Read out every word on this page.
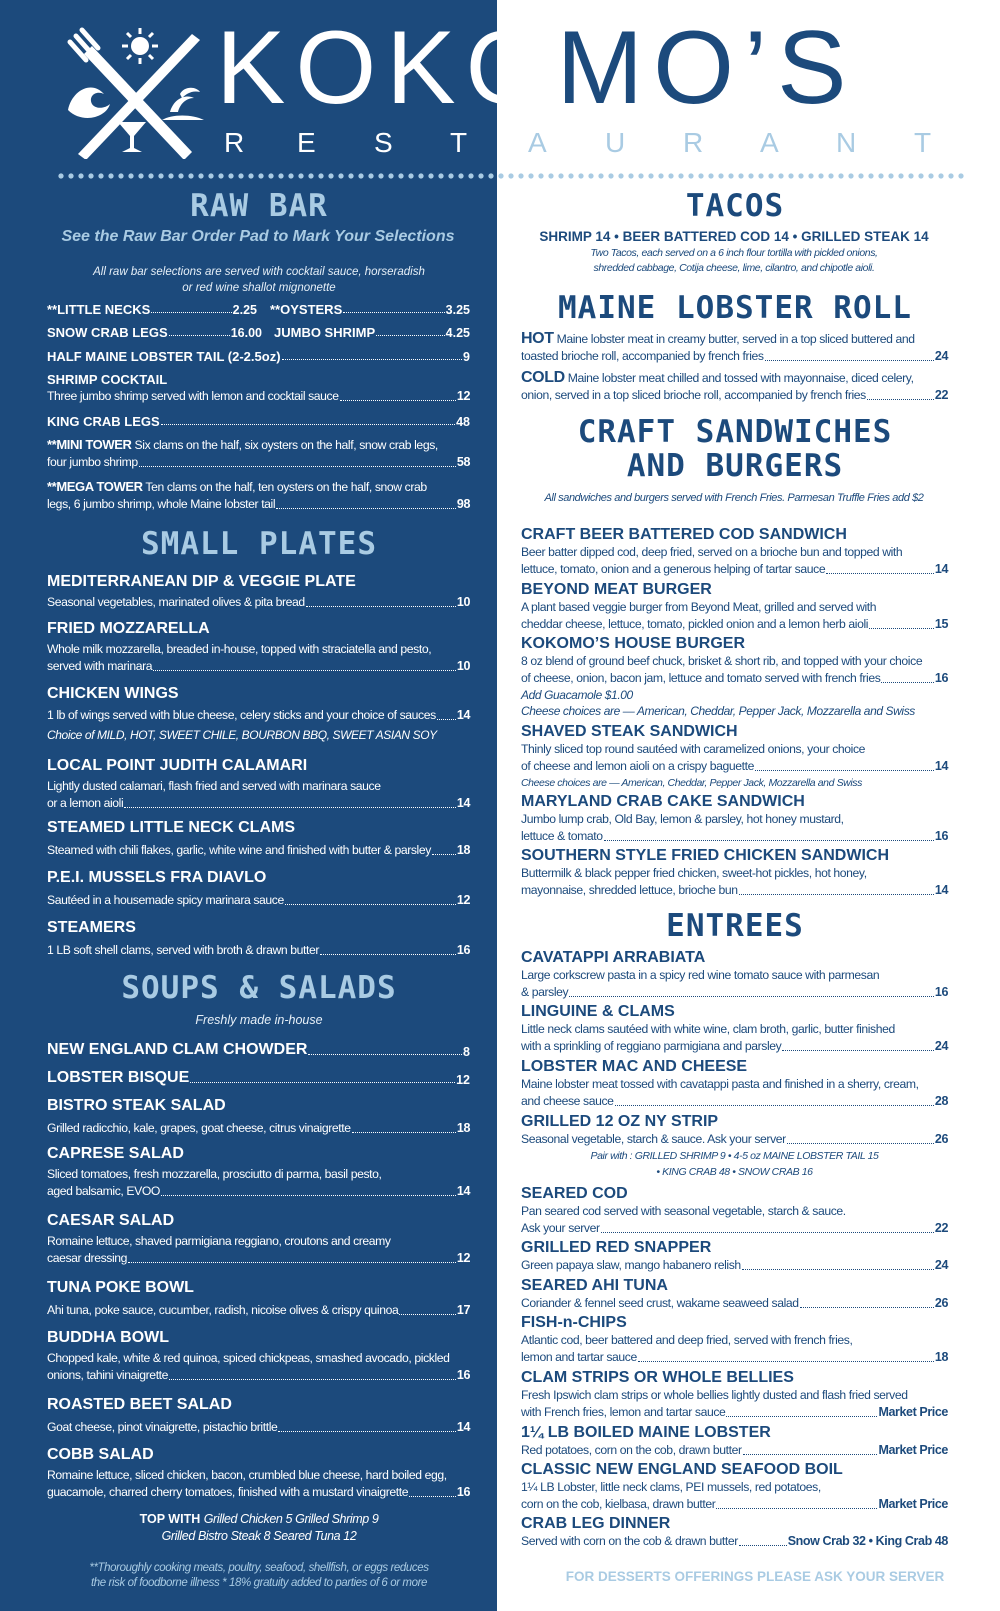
KOKOMO’S
R E S T A U R A N T
RAW BAR
See the Raw Bar Order Pad to Mark Your Selections
All raw bar selections are served with cocktail sauce, horseradish
or red wine shallot mignonette
**LITTLE NECKS	2.25 **OYSTERS	3.25
SNOW CRAB LEGS	16.00 JUMBO SHRIMP	4.25
HALF MAINE LOBSTER TAIL (2-2.5oz)	9
SHRIMP COCKTAIL
Three jumbo shrimp served with lemon and cocktail sauce	12
KING CRAB LEGS	48
**MINI TOWER Six clams on the half, six oysters on the half, snow crab legs,
four jumbo shrimp	58
**MEGA TOWER Ten clams on the half, ten oysters on the half, snow crab
legs, 6 jumbo shrimp, whole Maine lobster tail	98
SMALL PLATES
MEDITERRANEAN DIP & VEGGIE PLATE
Seasonal vegetables, marinated olives & pita bread	10
FRIED MOZZARELLA
Whole milk mozzarella, breaded in-house, topped with straciatella and pesto,
served with marinara	10
CHICKEN WINGS
1 lb of wings served with blue cheese, celery sticks and your choice of sauces 14
Choice of MILD, HOT, SWEET CHILE, BOURBON BBQ, SWEET ASIAN SOY
LOCAL POINT JUDITH CALAMARI
Lightly dusted calamari, flash fried and served with marinara sauce
or a lemon aioli	14
STEAMED LITTLE NECK CLAMS
Steamed with chili flakes, garlic, white wine and finished with butter & parsley 18
P.E.I. MUSSELS FRA DIAVLO
Sautéed in a housemade spicy marinara sauce	12
STEAMERS
1 LB soft shell clams, served with broth & drawn butter	16
SOUPS & SALADS
Freshly made in-house
NEW ENGLAND CLAM CHOWDER	8
LOBSTER BISQUE	12
BISTRO STEAK SALAD
Grilled radicchio, kale, grapes, goat cheese, citrus vinaigrette	18
CAPRESE SALAD
Sliced tomatoes, fresh mozzarella, prosciutto di parma, basil pesto,
aged balsamic, EVOO	14
CAESAR SALAD
Romaine lettuce, shaved parmigiana reggiano, croutons and creamy
caesar dressing	12
TUNA POKE BOWL
Ahi tuna, poke sauce, cucumber, radish, nicoise olives & crispy quinoa	17
BUDDHA BOWL
Chopped kale, white & red quinoa, spiced chickpeas, smashed avocado, pickled
onions, tahini vinaigrette	16
ROASTED BEET SALAD
Goat cheese, pinot vinaigrette, pistachio brittle	14
COBB SALAD
Romaine lettuce, sliced chicken, bacon, crumbled blue cheese, hard boiled egg,
guacamole, charred cherry tomatoes, finished with a mustard vinaigrette	16
TOP WITH Grilled Chicken 5 Grilled Shrimp 9
Grilled Bistro Steak 8 Seared Tuna 12
**Thoroughly cooking meats, poultry, seafood, shellfish, or eggs reduces
the risk of foodborne illness * 18% gratuity added to parties of 6 or more
TACOS
SHRIMP 14 • BEER BATTERED COD 14 • GRILLED STEAK 14
Two Tacos, each served on a 6 inch flour tortilla with pickled onions,
shredded cabbage, Cotija cheese, lime, cilantro, and chipotle aioli.
MAINE LOBSTER ROLL
HOT Maine lobster meat in creamy butter, served in a top sliced buttered and
toasted brioche roll, accompanied by french fries	24
COLD Maine lobster meat chilled and tossed with mayonnaise, diced celery,
onion, served in a top sliced brioche roll, accompanied by french fries	22
CRAFT SANDWICHES
AND BURGERS
All sandwiches and burgers served with French Fries. Parmesan Truffle Fries add $2
CRAFT BEER BATTERED COD SANDWICH
Beer batter dipped cod, deep fried, served on a brioche bun and topped with
lettuce, tomato, onion and a generous helping of tartar sauce	14
BEYOND MEAT BURGER
A plant based veggie burger from Beyond Meat, grilled and served with
cheddar cheese, lettuce, tomato, pickled onion and a lemon herb aioli	15
KOKOMO’S HOUSE BURGER
8 oz blend of ground beef chuck, brisket & short rib, and topped with your choice
of cheese, onion, bacon jam, lettuce and tomato served with french fries	16
Add Guacamole $1.00
Cheese choices are — American, Cheddar, Pepper Jack, Mozzarella and Swiss
SHAVED STEAK SANDWICH
Thinly sliced top round sautéed with caramelized onions, your choice
of cheese and lemon aioli on a crispy baguette	14
Cheese choices are — American, Cheddar, Pepper Jack, Mozzarella and Swiss
MARYLAND CRAB CAKE SANDWICH
Jumbo lump crab, Old Bay, lemon & parsley, hot honey mustard,
lettuce & tomato	16
SOUTHERN STYLE FRIED CHICKEN SANDWICH
Buttermilk & black pepper fried chicken, sweet-hot pickles, hot honey,
mayonnaise, shredded lettuce, brioche bun	14
ENTREES
CAVATAPPI ARRABIATA
Large corkscrew pasta in a spicy red wine tomato sauce with parmesan
& parsley	16
LINGUINE & CLAMS
Little neck clams sautéed with white wine, clam broth, garlic, butter finished
with a sprinkling of reggiano parmigiana and parsley	24
LOBSTER MAC AND CHEESE
Maine lobster meat tossed with cavatappi pasta and finished in a sherry, cream,
and cheese sauce	28
GRILLED 12 OZ NY STRIP
Seasonal vegetable, starch & sauce. Ask your server	26
Pair with : GRILLED SHRIMP 9 • 4-5 oz MAINE LOBSTER TAIL 15
• KING CRAB 48 • SNOW CRAB 16
SEARED COD
Pan seared cod served with seasonal vegetable, starch & sauce.
Ask your server	22
GRILLED RED SNAPPER
Green papaya slaw, mango habanero relish	24
SEARED AHI TUNA
Coriander & fennel seed crust, wakame seaweed salad	26
FISH-n-CHIPS
Atlantic cod, beer battered and deep fried, served with french fries,
lemon and tartar sauce	18
CLAM STRIPS OR WHOLE BELLIES
Fresh Ipswich clam strips or whole bellies lightly dusted and flash fried served
with French fries, lemon and tartar sauce	Market Price
1¼ LB BOILED MAINE LOBSTER
Red potatoes, corn on the cob, drawn butter	Market Price
CLASSIC NEW ENGLAND SEAFOOD BOIL
1¼ LB Lobster, little neck clams, PEI mussels, red potatoes,
corn on the cob, kielbasa, drawn butter	Market Price
CRAB LEG DINNER
Served with corn on the cob & drawn butter	Snow Crab 32 • King Crab 48
FOR DESSERTS OFFERINGS PLEASE ASK YOUR SERVER
